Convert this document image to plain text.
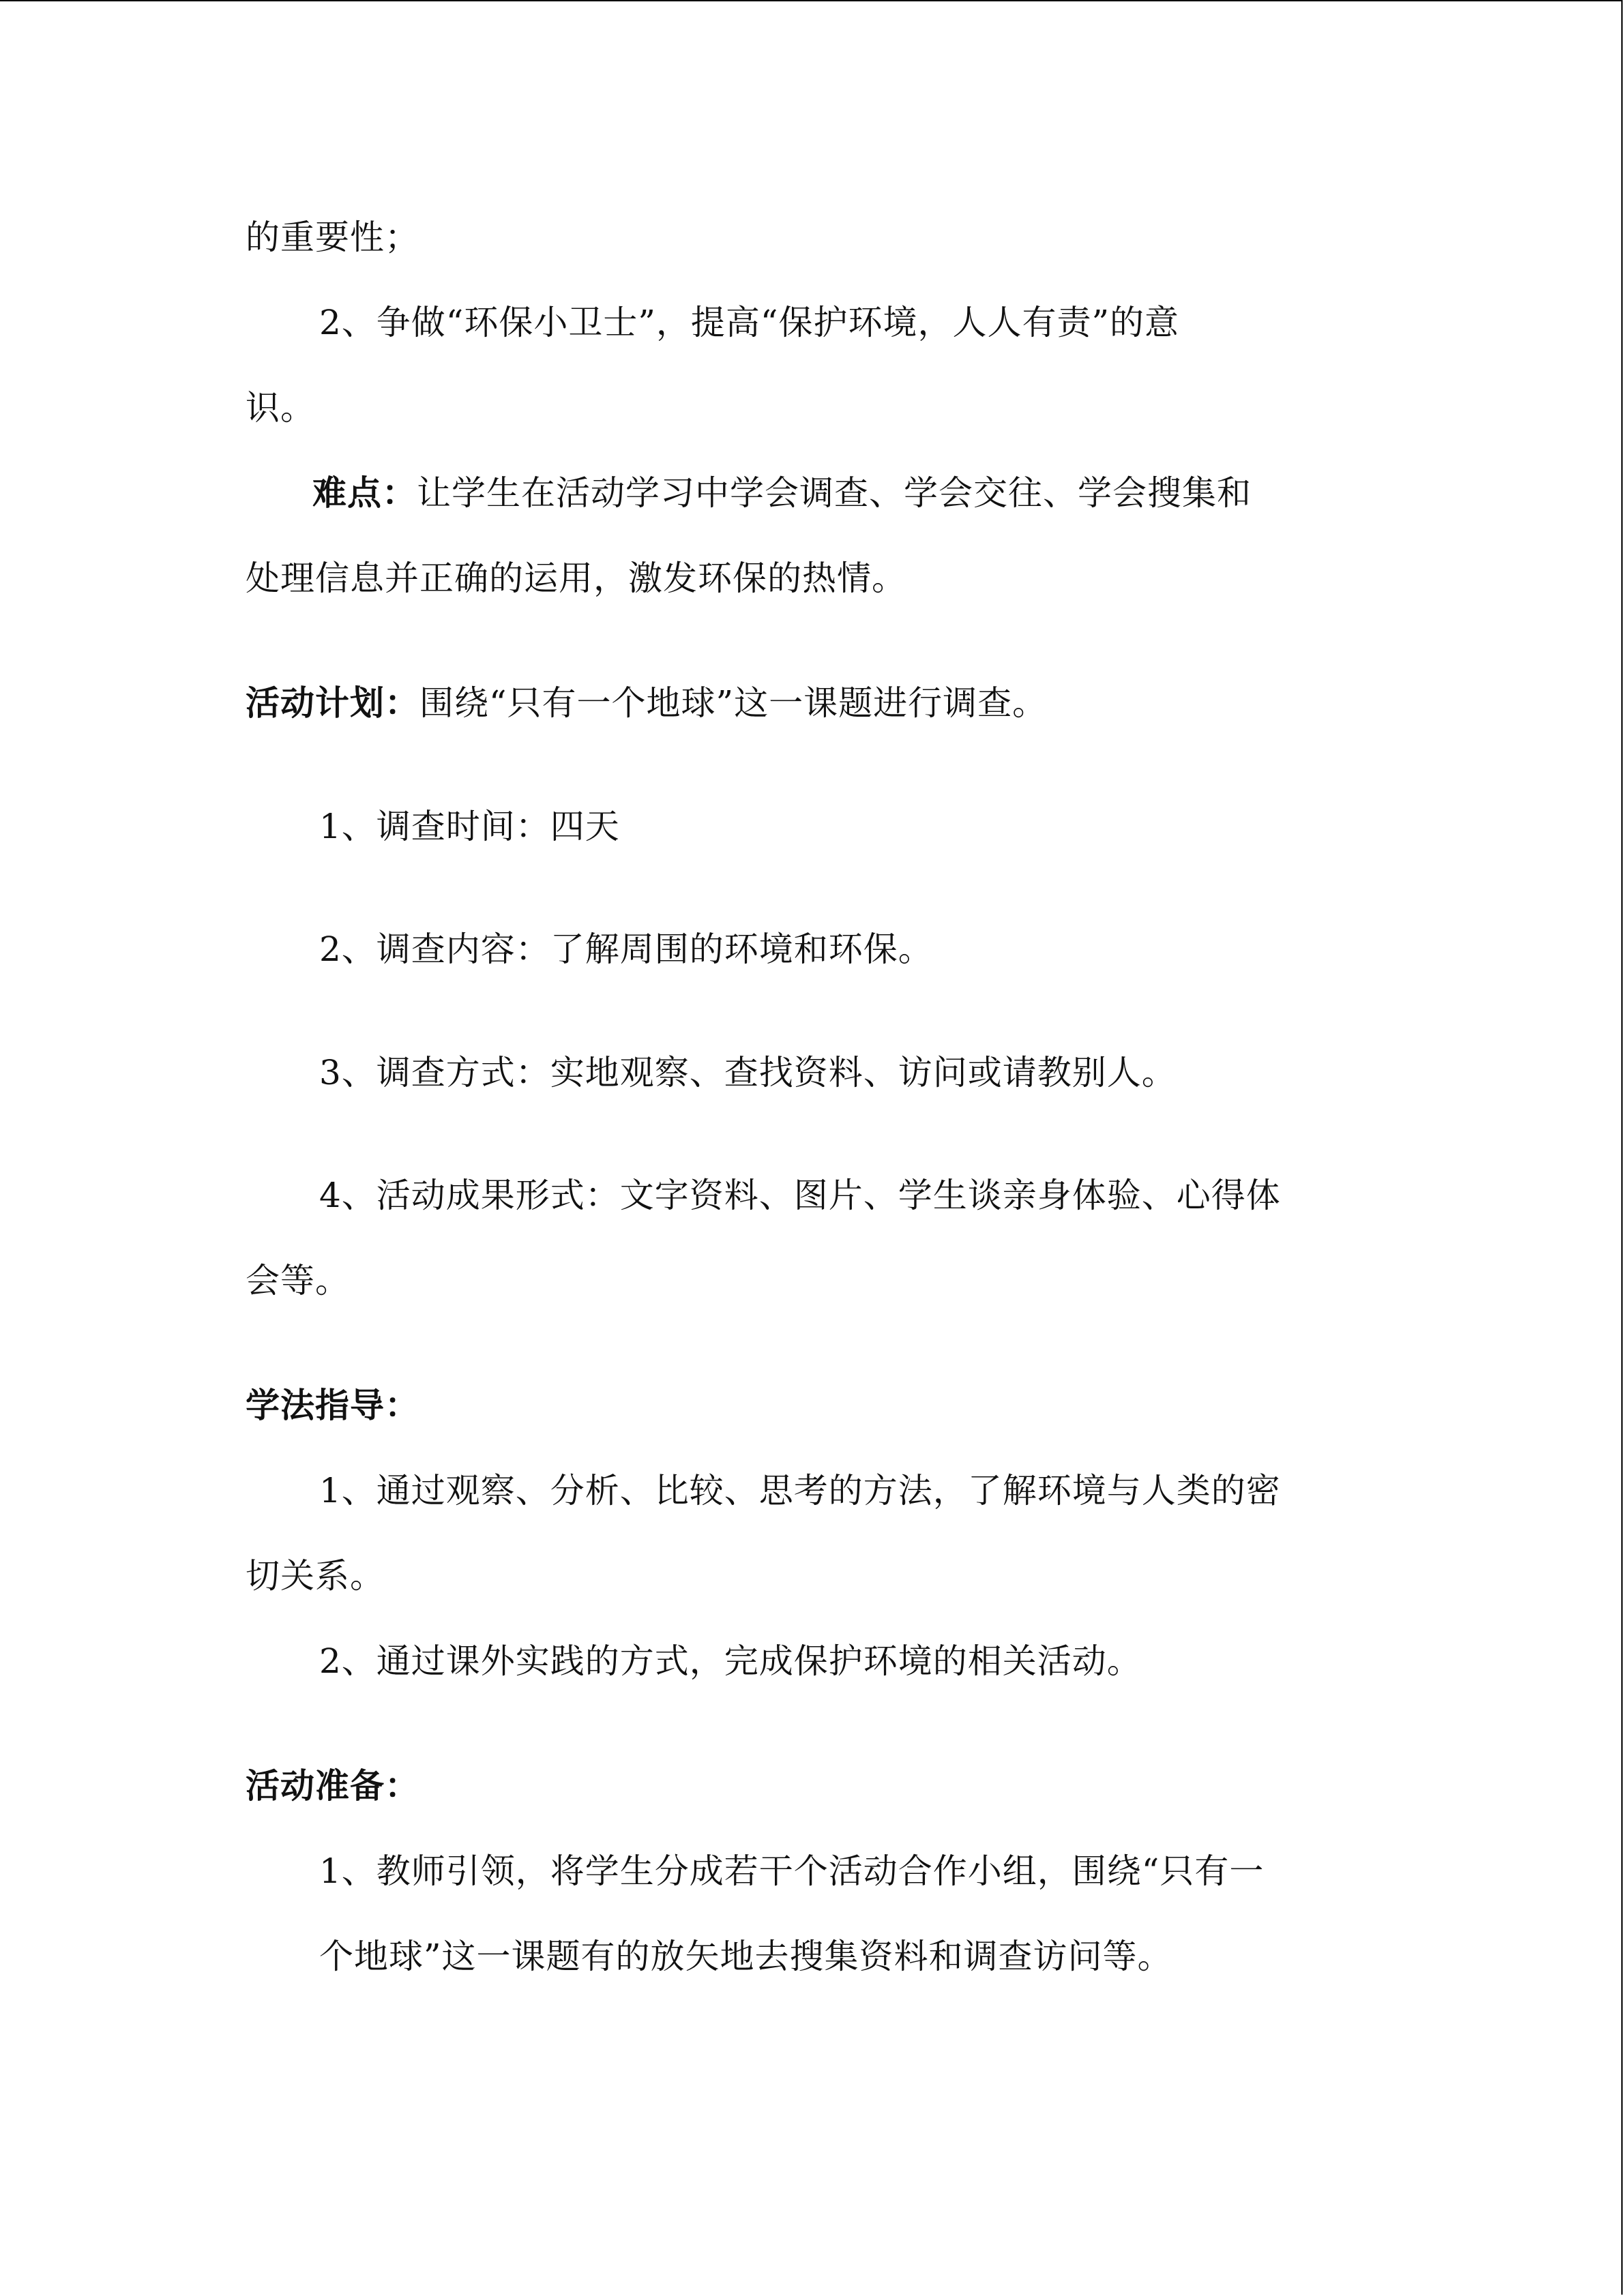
的重要性；
2、争做“环保小卫士”，提高“保护环境，人人有责”的意
识。
难点：让学生在活动学习中学会调查、学会交往、学会搜集和
处理信息并正确的运用，激发环保的热情。
活动计划：围绕“只有一个地球”这一课题进行调查。
1、调查时间：四天
2、调查内容：了解周围的环境和环保。
3、调查方式：实地观察、查找资料、访问或请教别人。
4、活动成果形式：文字资料、图片、学生谈亲身体验、心得体
会等。
学法指导：
1、通过观察、分析、比较、思考的方法，了解环境与人类的密
切关系。
2、通过课外实践的方式，完成保护环境的相关活动。
活动准备：
1、教师引领，将学生分成若干个活动合作小组，围绕“只有一
个地球”这一课题有的放矢地去搜集资料和调查访问等。
